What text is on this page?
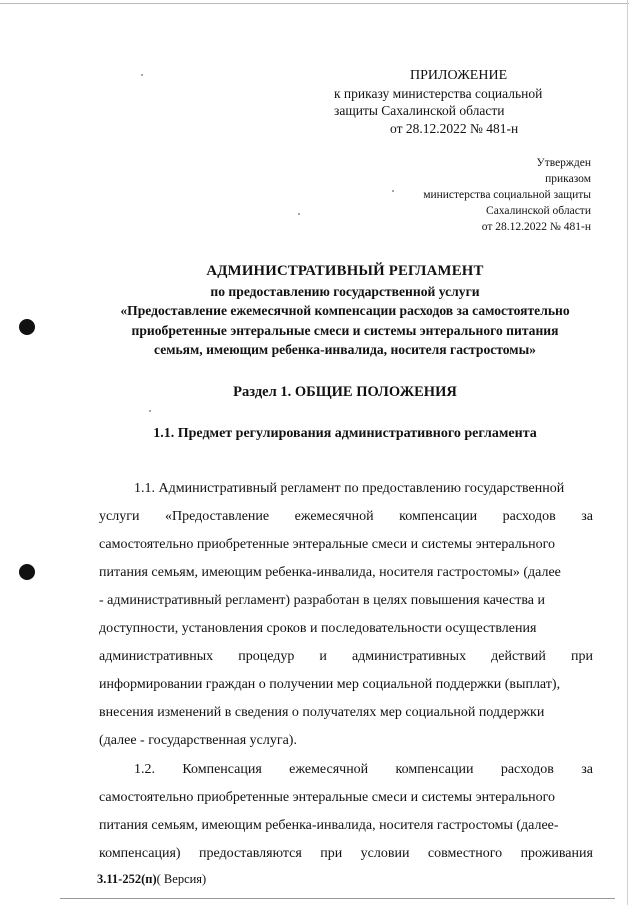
ПРИЛОЖЕНИЕ
к приказу министерства социальной
защиты Сахалинской области
от 28.12.2022 № 481-н
Утвержден
приказом
министерства социальной защиты
Сахалинской области
от 28.12.2022 № 481-н
АДМИНИСТРАТИВНЫЙ РЕГЛАМЕНТ
по предоставлению государственной услуги
«Предоставление ежемесячной компенсации расходов за самостоятельно
приобретенные энтеральные смеси и системы энтерального питания
семьям, имеющим ребенка-инвалида, носителя гастростомы»
Раздел 1. ОБЩИЕ ПОЛОЖЕНИЯ
1.1. Предмет регулирования административного регламента
1.1. Административный регламент по предоставлению государственной
услуги «Предоставление ежемесячной компенсации расходов за
самостоятельно приобретенные энтеральные смеси и системы энтерального
питания семьям, имеющим ребенка-инвалида, носителя гастростомы» (далее
- административный регламент) разработан в целях повышения качества и
доступности, установления сроков и последовательности осуществления
административных процедур и административных действий при
информировании граждан о получении мер социальной поддержки (выплат),
внесения изменений в сведения о получателях мер социальной поддержки
(далее - государственная услуга).
1.2. Компенсация ежемесячной компенсации расходов за
самостоятельно приобретенные энтеральные смеси и системы энтерального
питания семьям, имеющим ребенка-инвалида, носителя гастростомы (далее-
компенсация) предоставляются при условии совместного проживания
3.11-252(п)( Версия)
